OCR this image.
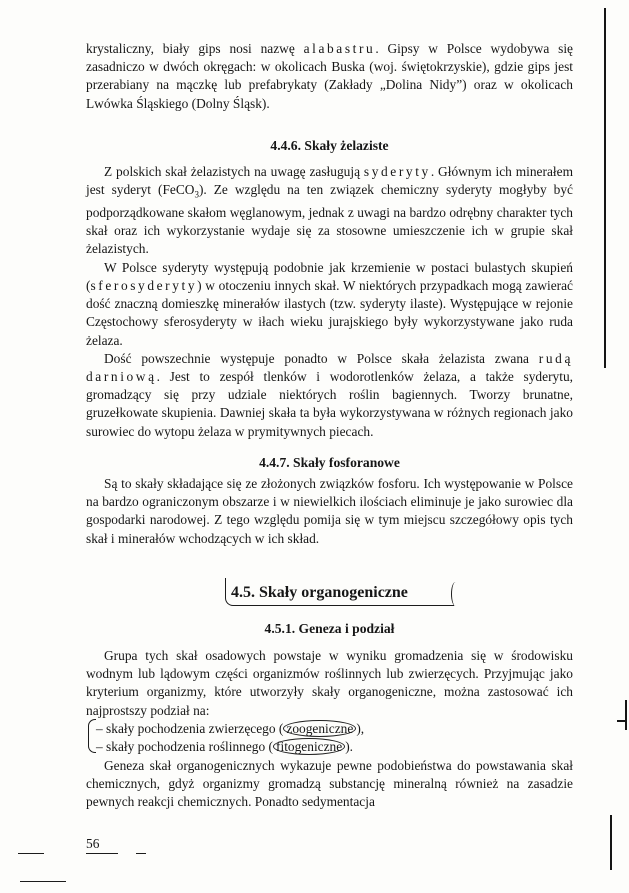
krystaliczny, biały gips nosi nazwę alabastru. Gipsy w Polsce wydobywa się zasadniczo w dwóch okręgach: w okolicach Buska (woj. świętokrzyskie), gdzie gips jest przerabiany na mączkę lub prefabrykaty (Zakłady „Dolina Nidy”) oraz w okolicach Lwówka Śląskiego (Dolny Śląsk).

4.4.6. Skały żelaziste

Z polskich skał żelazistych na uwagę zasługują syderyty. Głównym ich minerałem jest syderyt (FeCO$_3$). Ze względu na ten związek chemiczny syderyty mogłyby być podporządkowane skałom węglanowym, jednak z uwagi na bardzo odrębny charakter tych skał oraz ich wykorzystanie wydaje się za stosowne umieszczenie ich w grupie skał żelazistych.

W Polsce syderyty występują podobnie jak krzemienie w postaci bulastych skupień (sferosyderyty) w otoczeniu innych skał. W niektórych przypadkach mogą zawierać dość znaczną domieszkę minerałów ilastych (tzw. syderyty ilaste). Występujące w rejonie Częstochowy sferosyderyty w iłach wieku jurajskiego były wykorzystywane jako ruda żelaza.

Dość powszechnie występuje ponadto w Polsce skała żelazista zwana rudą darniową. Jest to zespół tlenków i wodorotlenków żelaza, a także syderytu, gromadzący się przy udziale niektórych roślin bagiennych. Tworzy brunatne, gruzełkowate skupienia. Dawniej skała ta była wykorzystywana w różnych regionach jako surowiec do wytopu żelaza w prymitywnych piecach.

4.4.7. Skały fosforanowe

Są to skały składające się ze złożonych związków fosforu. Ich występowanie w Polsce na bardzo ograniczonym obszarze i w niewielkich ilościach eliminuje je jako surowiec dla gospodarki narodowej. Z tego względu pomija się w tym miejscu szczegółowy opis tych skał i minerałów wchodzących w ich skład.

4.5. Skały organogeniczne
4.5.1. Geneza i podział

Grupa tych skał osadowych powstaje w wyniku gromadzenia się w środowisku wodnym lub lądowym części organizmów roślinnych lub zwierzęcych. Przyjmując jako kryterium organizmy, które utworzyły skały organogeniczne, można zastosować ich najprostszy podział na:

– skały pochodzenia zwierzęcego ( zoogeniczne ),
– skały pochodzenia roślinnego ( fitogeniczne ).

Geneza skał organogenicznych wykazuje pewne podobieństwa do powstawania skał chemicznych, gdyż organizmy gromadzą substancję mineralną również na zasadzie pewnych reakcji chemicznych. Ponadto sedymentacja

56
